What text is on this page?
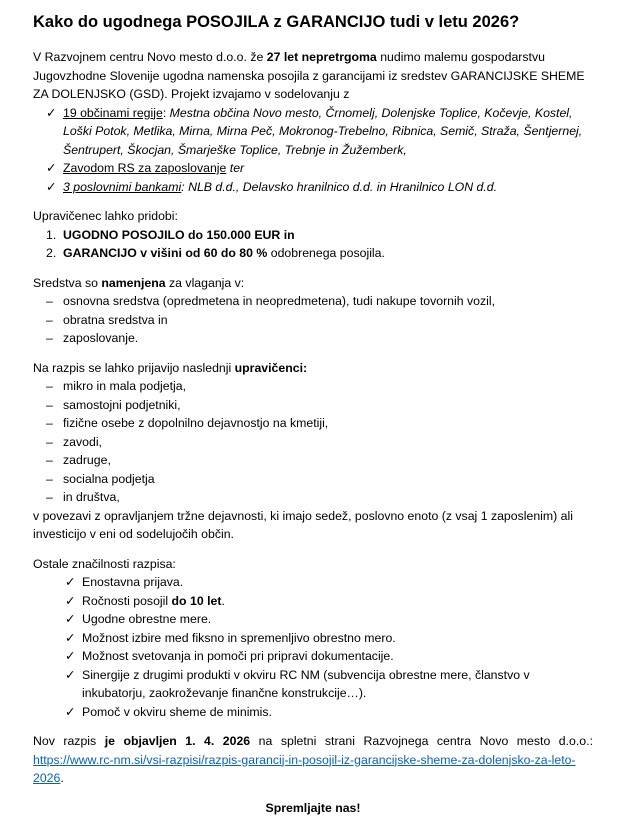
Kako do ugodnega POSOJILA z GARANCIJO tudi v letu 2026?

V Razvojnem centru Novo mesto d.o.o. že 27 let nepretrgoma nudimo malemu gospodarstvu Jugovzhodne Slovenije ugodna namenska posojila z garancijami iz sredstev GARANCIJSKE SHEME ZA DOLENJSKO (GSD). Projekt izvajamo v sodelovanju z

✓ 19 občinami regije: Mestna občina Novo mesto, Črnomelj, Dolenjske Toplice, Kočevje, Kostel, Loški Potok, Metlika, Mirna, Mirna Peč, Mokronog-Trebelno, Ribnica, Semič, Straža, Šentjernej, Šentrupert, Škocjan, Šmarješke Toplice, Trebnje in Žužemberk,
✓ Zavodom RS za zaposlovanje ter
✓ 3 poslovnimi bankami: NLB d.d., Delavsko hranilnico d.d. in Hranilnico LON d.d.

Upravičenec lahko pridobi:

1. UGODNO POSOJILO do 150.000 EUR in
2. GARANCIJO v višini od 60 do 80 % odobrenega posojila.

Sredstva so namenjena za vlaganja v:

– osnovna sredstva (opredmetena in neopredmetena), tudi nakupe tovornih vozil,
– obratna sredstva in
– zaposlovanje.

Na razpis se lahko prijavijo naslednji upravičenci:

– mikro in mala podjetja,
– samostojni podjetniki,
– fizične osebe z dopolnilno dejavnostjo na kmetiji,
– zavodi,
– zadruge,
– socialna podjetja
– in društva,

v povezavi z opravljanjem tržne dejavnosti, ki imajo sedež, poslovno enoto (z vsaj 1 zaposlenim) ali investicijo v eni od sodelujočih občin.

Ostale značilnosti razpisa:

✓ Enostavna prijava.
✓ Ročnosti posojil do 10 let.
✓ Ugodne obrestne mere.
✓ Možnost izbire med fiksno in spremenljivo obrestno mero.
✓ Možnost svetovanja in pomoči pri pripravi dokumentacije.
✓ Sinergije z drugimi produkti v okviru RC NM (subvencija obrestne mere, članstvo v inkubatorju, zaokroževanje finančne konstrukcije…).
✓ Pomoč v okviru sheme de minimis.

Nov razpis je objavljen 1. 4. 2026 na spletni strani Razvojnega centra Novo mesto d.o.o.: https://www.rc-nm.si/vsi-razpisi/razpis-garancij-in-posojil-iz-garancijske-sheme-za-dolenjsko-za-leto-2026.

Spremljajte nas!
